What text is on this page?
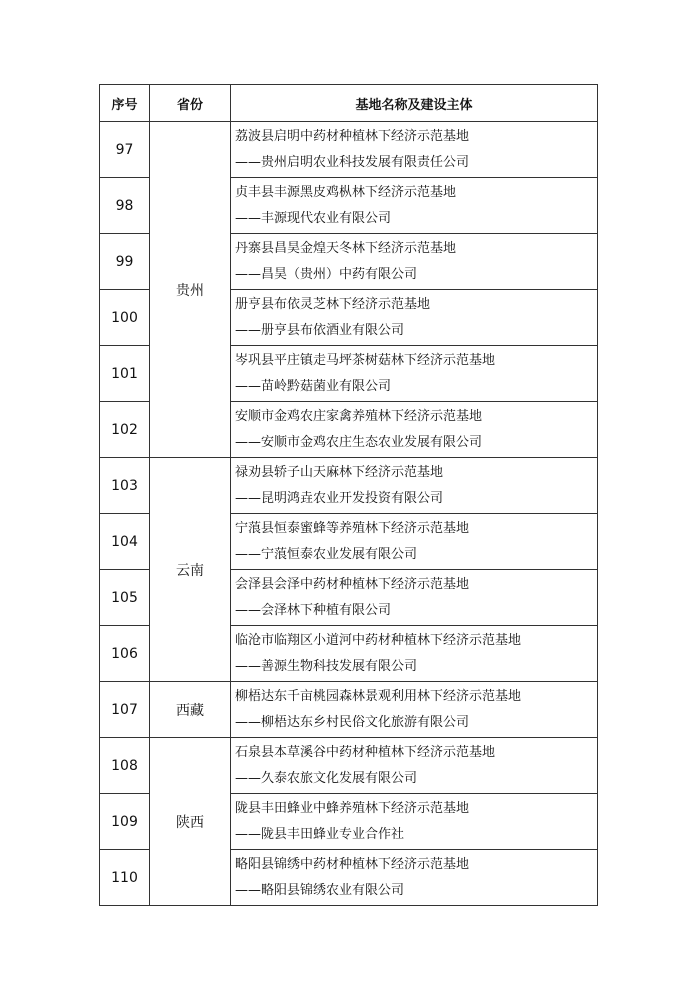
序号	省份	基地名称及建设主体
97	贵州	荔波县启明中药材种植林下经济示范基地
——贵州启明农业科技发展有限责任公司

98		贞丰县丰源黑皮鸡枞林下经济示范基地
——丰源现代农业有限公司

99		丹寨县昌昊金煌天冬林下经济示范基地
——昌昊（贵州）中药有限公司

100		册亨县布依灵芝林下经济示范基地
——册亨县布依酒业有限公司

101		岑巩县平庄镇走马坪茶树菇林下经济示范基地
——苗岭黔菇菌业有限公司

102		安顺市金鸡农庄家禽养殖林下经济示范基地
——安顺市金鸡农庄生态农业发展有限公司

103	云南	禄劝县轿子山天麻林下经济示范基地
——昆明鸿垚农业开发投资有限公司

104		宁蒗县恒泰蜜蜂等养殖林下经济示范基地
——宁蒗恒泰农业发展有限公司

105		会泽县会泽中药材种植林下经济示范基地
——会泽林下种植有限公司

106		临沧市临翔区小道河中药材种植林下经济示范基地
——善源生物科技发展有限公司

107	西藏	柳梧达东千亩桃园森林景观利用林下经济示范基地
——柳梧达东乡村民俗文化旅游有限公司

108	陕西	石泉县本草溪谷中药材种植林下经济示范基地
——久泰农旅文化发展有限公司

109		陇县丰田蜂业中蜂养殖林下经济示范基地
——陇县丰田蜂业专业合作社

110		略阳县锦绣中药材种植林下经济示范基地
——略阳县锦绣农业有限公司
